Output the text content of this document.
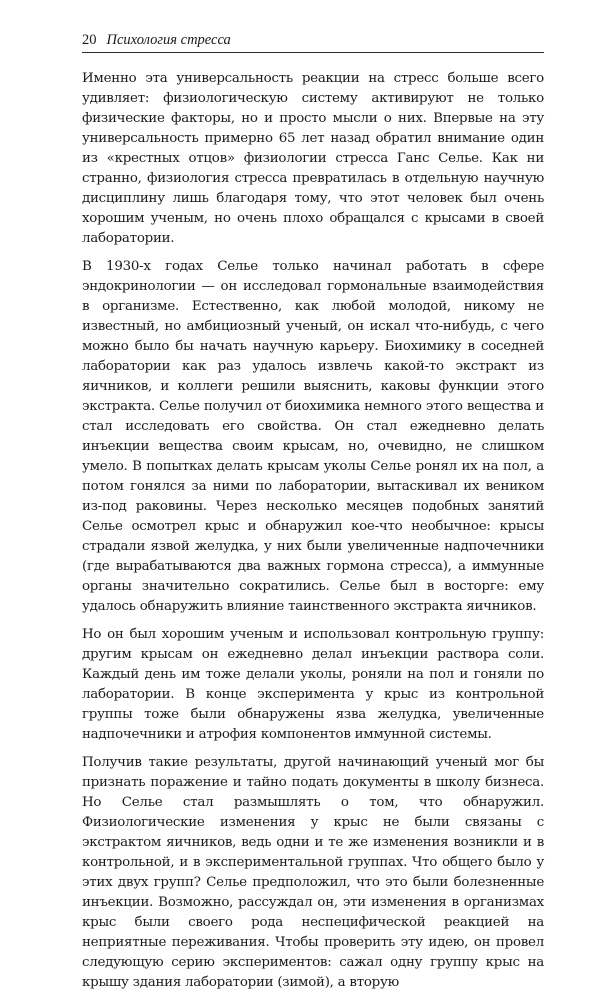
20 Психология стресса

Именно эта универсальность реакции на стресс больше всего удивляет: физиологическую систему активируют не только физические факторы, но и просто мысли о них. Впервые на эту универсальность примерно 65 лет назад обратил внимание один из «крестных отцов» физиологии стресса Ганс Селье. Как ни странно, физиология стресса превратилась в отдельную научную дисциплину лишь благодаря тому, что этот человек был очень хорошим ученым, но очень плохо обращался с крысами в своей лаборатории.

В 1930-х годах Селье только начинал работать в сфере эндокринологии — он исследовал гормональные взаимодействия в организме. Естественно, как любой молодой, никому не известный, но амбициозный ученый, он искал что-нибудь, с чего можно было бы начать научную карьеру. Биохимику в соседней лаборатории как раз удалось извлечь какой-то экстракт из яичников, и коллеги решили выяснить, каковы функции этого экстракта. Селье получил от биохимика немного этого вещества и стал исследовать его свойства. Он стал ежедневно делать инъекции вещества своим крысам, но, очевидно, не слишком умело. В попытках делать крысам уколы Селье ронял их на пол, а потом гонялся за ними по лаборатории, вытаскивал их веником из-под раковины. Через несколько месяцев подобных занятий Селье осмотрел крыс и обнаружил кое-что необычное: крысы страдали язвой желудка, у них были увеличенные надпочечники (где вырабатываются два важных гормона стресса), а иммунные органы значительно сократились. Селье был в восторге: ему удалось обнаружить влияние таинственного экстракта яичников.

Но он был хорошим ученым и использовал контрольную группу: другим крысам он ежедневно делал инъекции раствора соли. Каждый день им тоже делали уколы, роняли на пол и гоняли по лаборатории. В конце эксперимента у крыс из контрольной группы тоже были обнаружены язва желудка, увеличенные надпочечники и атрофия компонентов иммунной системы.

Получив такие результаты, другой начинающий ученый мог бы признать поражение и тайно подать документы в школу бизнеса. Но Селье стал размышлять о том, что обнаружил. Физиологические изменения у крыс не были связаны с экстрактом яичников, ведь одни и те же изменения возникли и в контрольной, и в экспериментальной группах. Что общего было у этих двух групп? Селье предположил, что это были болезненные инъекции. Возможно, рассуждал он, эти изменения в организмах крыс были своего рода неспецифической реакцией на неприятные переживания. Чтобы проверить эту идею, он провел следующую серию экспериментов: сажал одну группу крыс на крышу здания лаборатории (зимой), а вторую
